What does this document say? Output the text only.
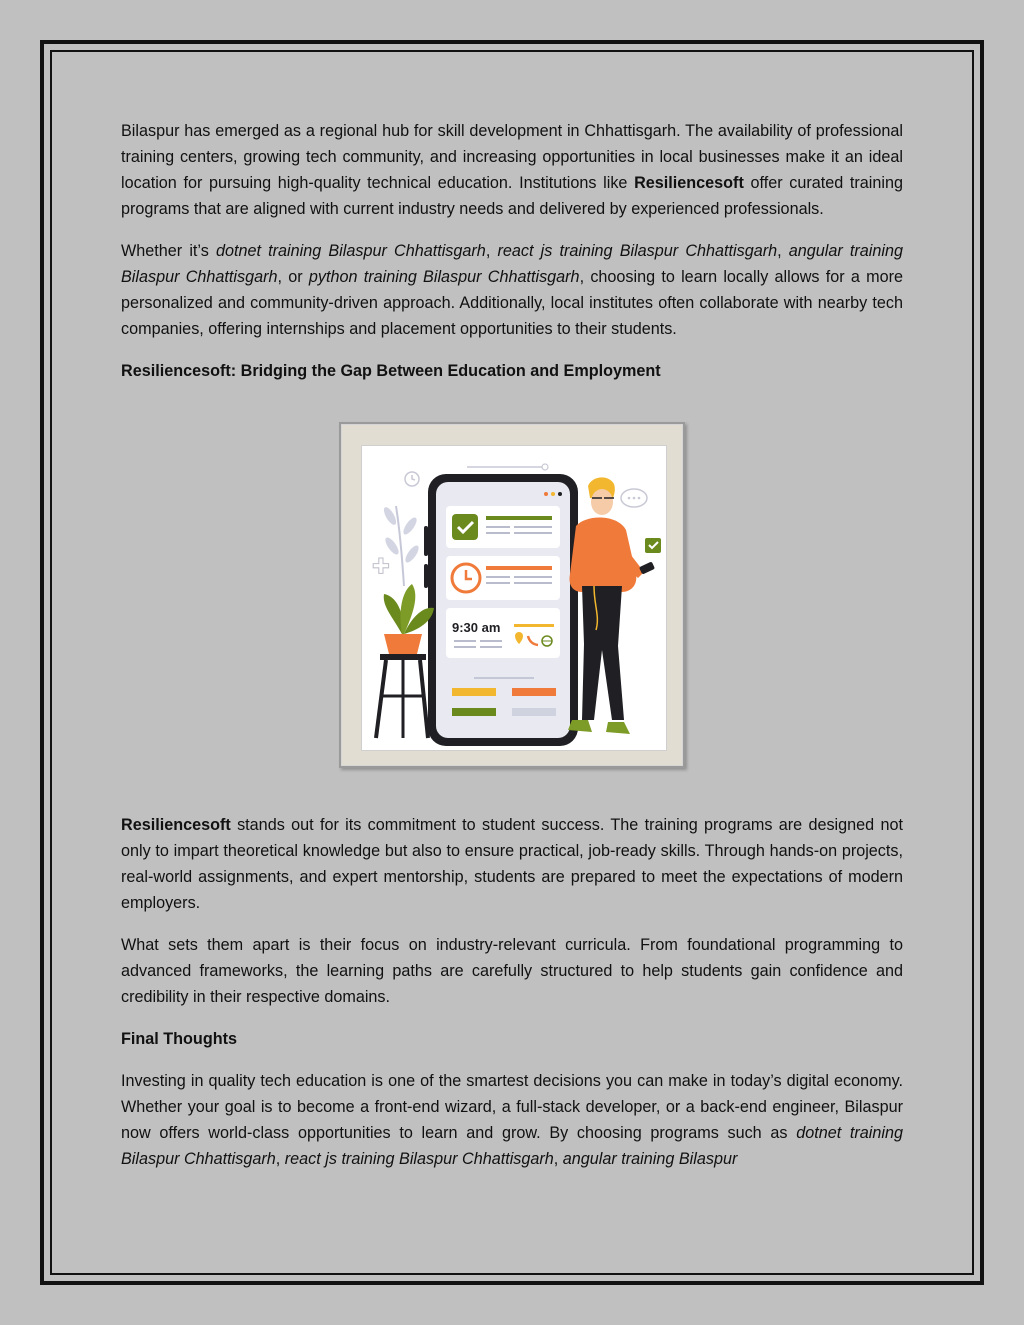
Bilaspur has emerged as a regional hub for skill development in Chhattisgarh. The availability of professional training centers, growing tech community, and increasing opportunities in local businesses make it an ideal location for pursuing high-quality technical education. Institutions like Resiliencesoft offer curated training programs that are aligned with current industry needs and delivered by experienced professionals.

Whether it’s dotnet training Bilaspur Chhattisgarh, react js training Bilaspur Chhattisgarh, angular training Bilaspur Chhattisgarh, or python training Bilaspur Chhattisgarh, choosing to learn locally allows for a more personalized and community-driven approach. Additionally, local institutes often collaborate with nearby tech companies, offering internships and placement opportunities to their students.

Resiliencesoft: Bridging the Gap Between Education and Employment

9:30 am

Resiliencesoft stands out for its commitment to student success. The training programs are designed not only to impart theoretical knowledge but also to ensure practical, job-ready skills. Through hands-on projects, real-world assignments, and expert mentorship, students are prepared to meet the expectations of modern employers.

What sets them apart is their focus on industry-relevant curricula. From foundational programming to advanced frameworks, the learning paths are carefully structured to help students gain confidence and credibility in their respective domains.

Final Thoughts

Investing in quality tech education is one of the smartest decisions you can make in today’s digital economy. Whether your goal is to become a front-end wizard, a full-stack developer, or a back-end engineer, Bilaspur now offers world-class opportunities to learn and grow. By choosing programs such as dotnet training Bilaspur Chhattisgarh, react js training Bilaspur Chhattisgarh, angular training Bilaspur
